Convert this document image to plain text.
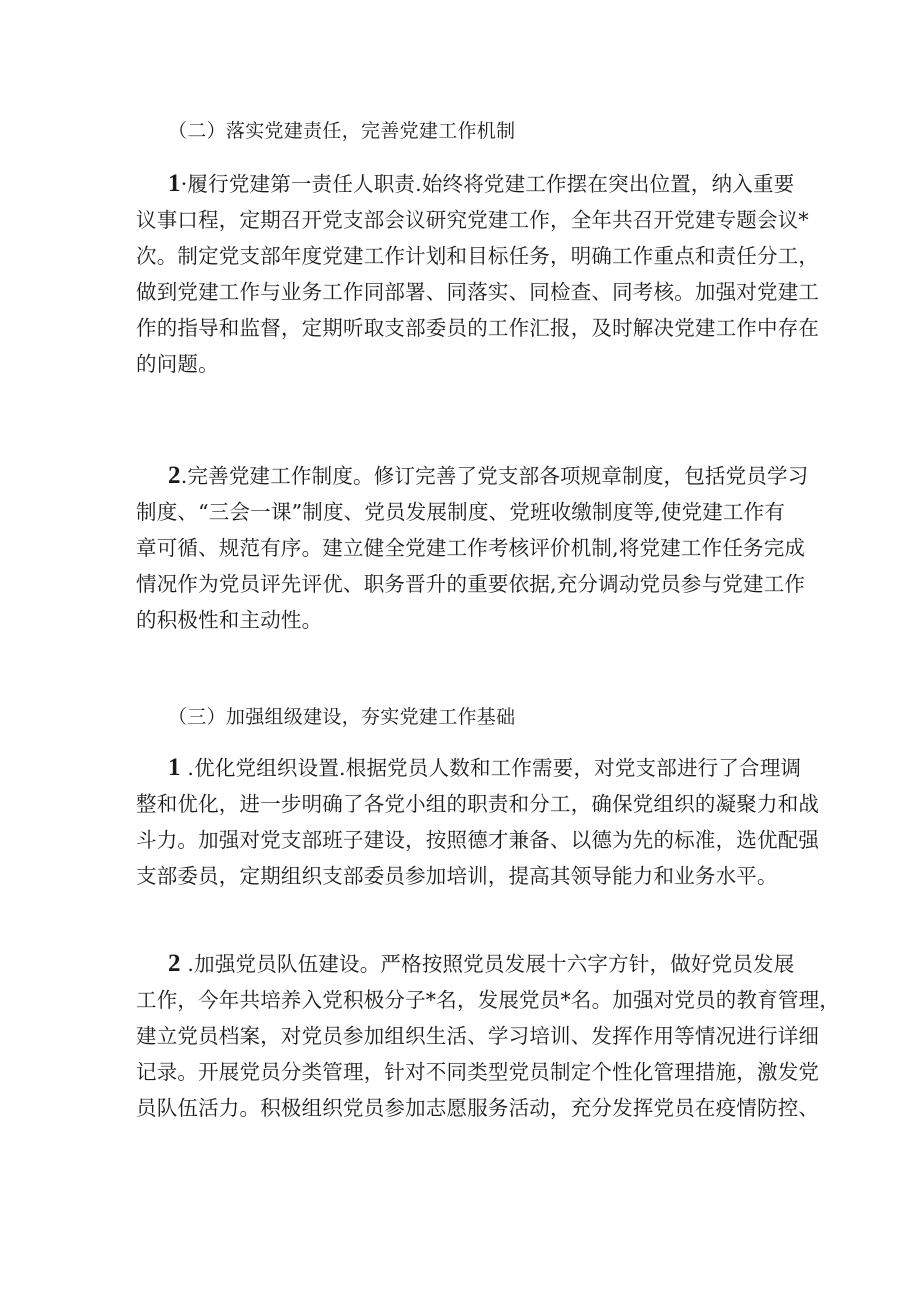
（二）落实党建责任，完善党建工作机制
1·履行党建第一责任人职责.始终将党建工作摆在突出位置，纳入重要
议事口程，定期召开党支部会议研究党建工作，全年共召开党建专题会议*
次。制定党支部年度党建工作计划和目标任务，明确工作重点和责任分工，
做到党建工作与业务工作同部署、同落实、同检查、同考核。加强对党建工
作的指导和监督，定期听取支部委员的工作汇报，及时解决党建工作中存在
的问题。
2.完善党建工作制度。修订完善了党支部各项规章制度，包括党员学习
制度、“三会一课”制度、党员发展制度、党班收缴制度等,使党建工作有
章可循、规范有序。建立健全党建工作考核评价机制,将党建工作任务完成
情况作为党员评先评优、职务晋升的重要依据,充分调动党员参与党建工作
的积极性和主动性。
（三）加强组级建设，夯实党建工作基础
1 .优化党组织设置.根据党员人数和工作需要，对党支部进行了合理调
整和优化，进一步明确了各党小组的职责和分工，确保党组织的凝聚力和战
斗力。加强对党支部班子建设，按照德才兼备、以德为先的标准，选优配强
支部委员，定期组织支部委员参加培训，提高其领导能力和业务水平。
2 .加强党员队伍建设。严格按照党员发展十六字方针，做好党员发展
工作，今年共培养入党积极分子*名，发展党员*名。加强对党员的教育管理，
建立党员档案，对党员参加组织生活、学习培训、发挥作用等情况进行详细
记录。开展党员分类管理，针对不同类型党员制定个性化管理措施，激发党
员队伍活力。积极组织党员参加志愿服务活动，充分发挥党员在疫情防控、
